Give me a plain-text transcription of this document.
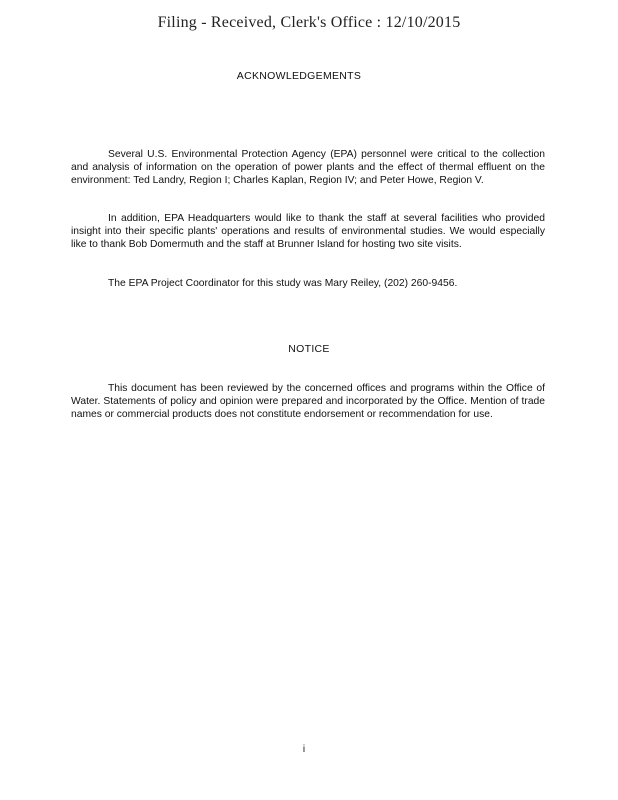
Filing - Received, Clerk's Office : 12/10/2015
ACKNOWLEDGEMENTS

Several U.S. Environmental Protection Agency (EPA) personnel were critical to the collection and analysis of information on the operation of power plants and the effect of thermal effluent on the environment: Ted Landry, Region I; Charles Kaplan, Region IV; and Peter Howe, Region V.

In addition, EPA Headquarters would like to thank the staff at several facilities who provided insight into their specific plants' operations and results of environmental studies. We would especially like to thank Bob Domermuth and the staff at Brunner Island for hosting two site visits.

The EPA Project Coordinator for this study was Mary Reiley, (202) 260-9456.

NOTICE

This document has been reviewed by the concerned offices and programs within the Office of Water. Statements of policy and opinion were prepared and incorporated by the Office. Mention of trade names or commercial products does not constitute endorsement or recommendation for use.

i
